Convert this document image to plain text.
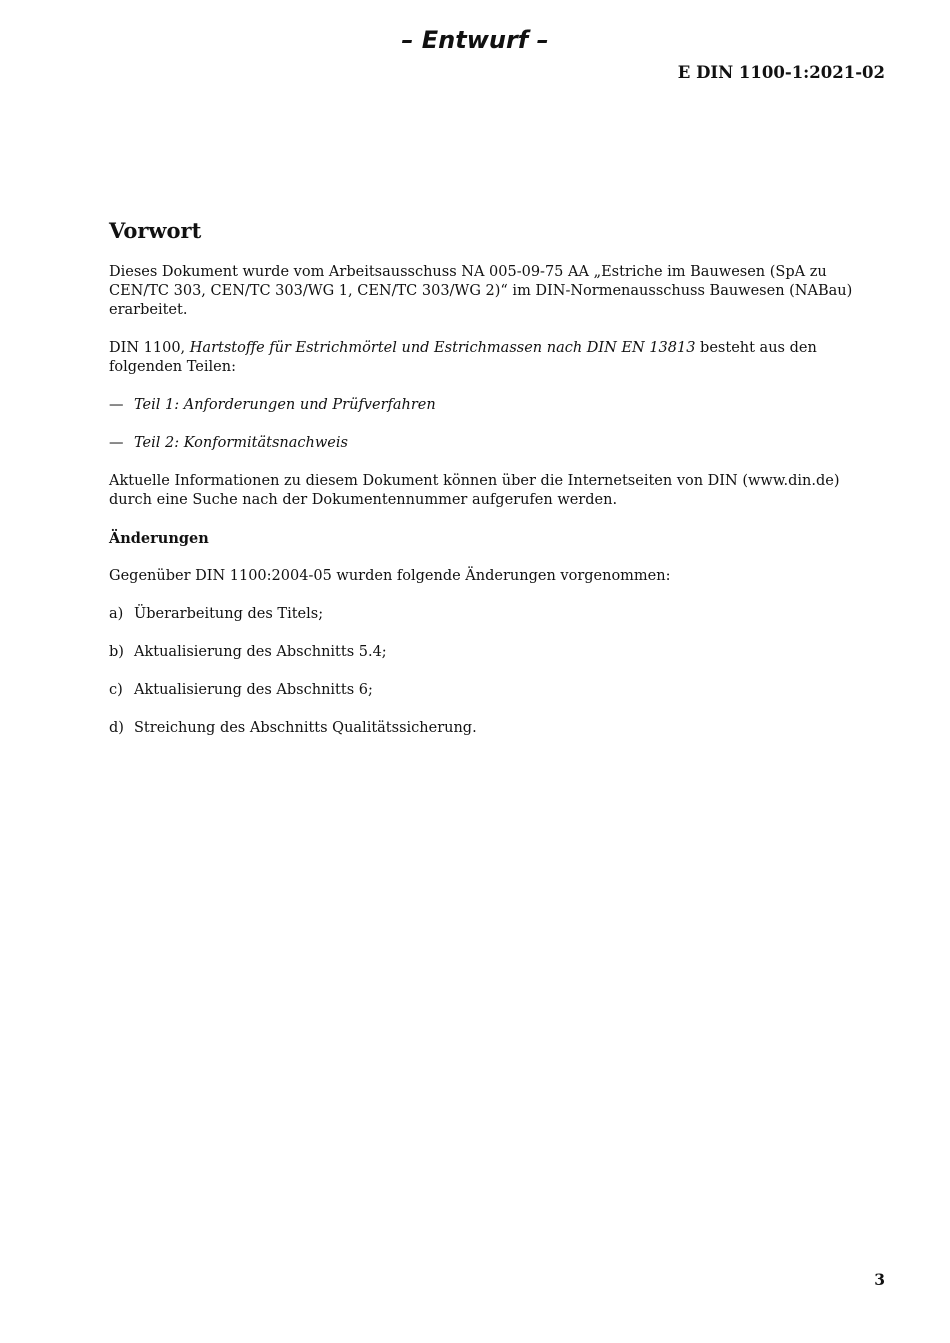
– Entwurf –
E DIN 1100-1:2021-02
Vorwort

Dieses Dokument wurde vom Arbeitsausschuss NA 005-09-75 AA „Estriche im Bauwesen (SpA zu CEN/TC 303, CEN/TC 303/WG 1, CEN/TC 303/WG 2)“ im DIN-Normenausschuss Bauwesen (NABau) erarbeitet.

DIN 1100, Hartstoffe für Estrichmörtel und Estrichmassen nach DIN EN 13813 besteht aus den folgenden Teilen:

— Teil 1: Anforderungen und Prüfverfahren
— Teil 2: Konformitätsnachweis

Aktuelle Informationen zu diesem Dokument können über die Internetseiten von DIN (www.din.de) durch eine Suche nach der Dokumentennummer aufgerufen werden.

Änderungen

Gegenüber DIN 1100:2004-05 wurden folgende Änderungen vorgenommen:

a) Überarbeitung des Titels;
b) Aktualisierung des Abschnitts 5.4;
c) Aktualisierung des Abschnitts 6;
d) Streichung des Abschnitts Qualitätssicherung.
3
